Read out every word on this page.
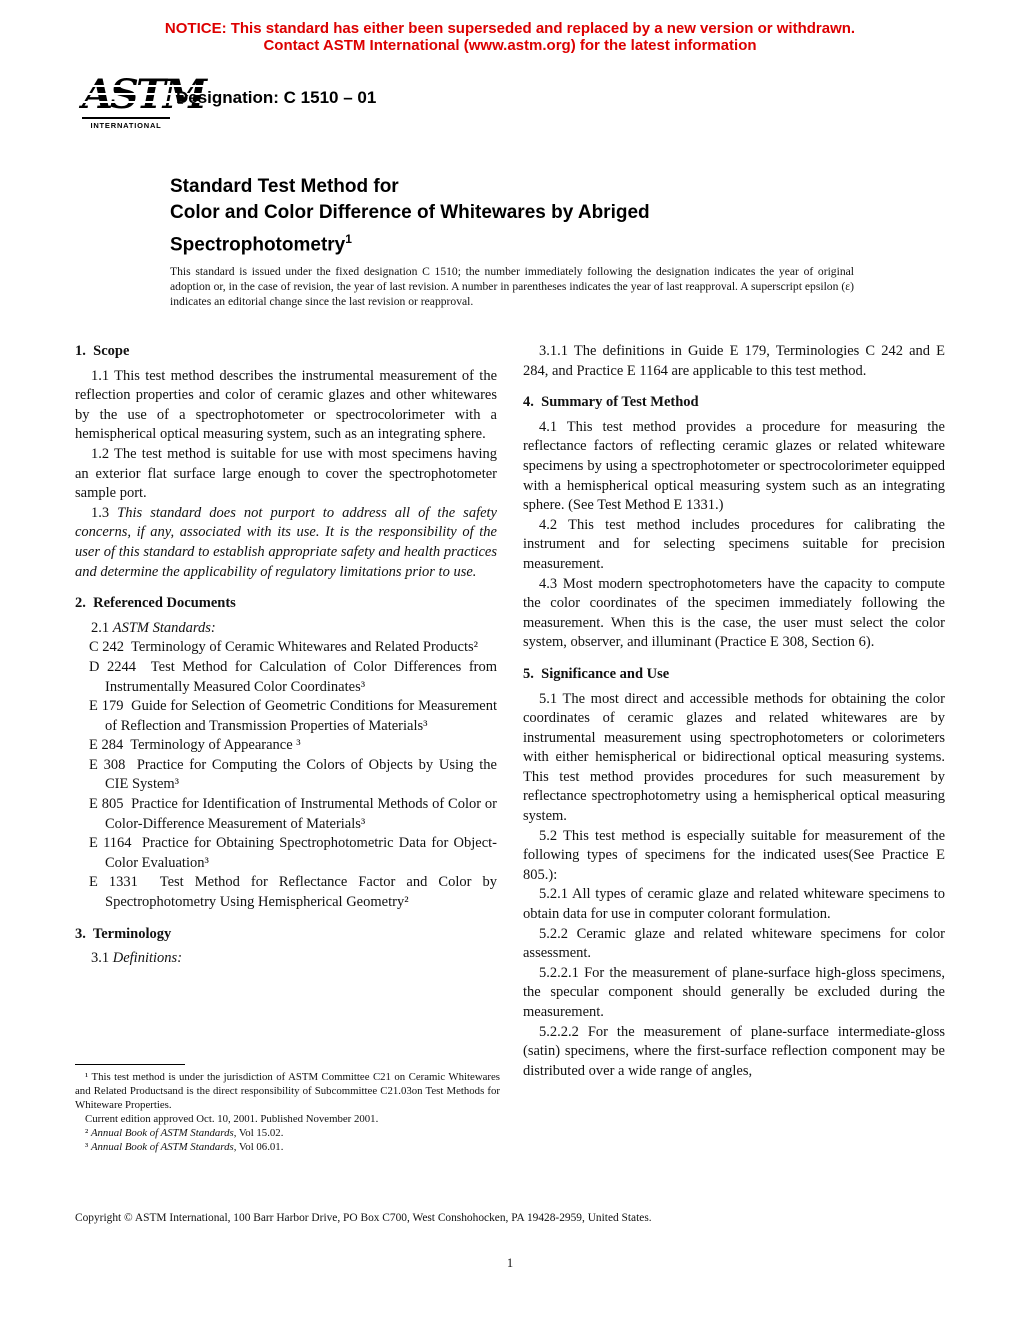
NOTICE: This standard has either been superseded and replaced by a new version or withdrawn.
Contact ASTM International (www.astm.org) for the latest information
INTERNATIONAL
Designation: C 1510 – 01
Standard Test Method for
Color and Color Difference of Whitewares by Abriged
Spectrophotometry$^1$
This standard is issued under the fixed designation C 1510; the number immediately following the designation indicates the year of original adoption or, in the case of revision, the year of last revision. A number in parentheses indicates the year of last reapproval. A superscript epsilon (ε) indicates an editorial change since the last revision or reapproval.
1.  Scope
1.1 This test method describes the instrumental measurement of the reflection properties and color of ceramic glazes and other whitewares by the use of a spectrophotometer or spectrocolorimeter with a hemispherical optical measuring system, such as an integrating sphere.
1.2 The test method is suitable for use with most specimens having an exterior flat surface large enough to cover the spectrophotometer sample port.
1.3 This standard does not purport to address all of the safety concerns, if any, associated with its use. It is the responsibility of the user of this standard to establish appropriate safety and health practices and determine the applicability of regulatory limitations prior to use.
2.  Referenced Documents
2.1 ASTM Standards:
C 242  Terminology of Ceramic Whitewares and Related Products²
D 2244  Test Method for Calculation of Color Differences from Instrumentally Measured Color Coordinates³
E 179  Guide for Selection of Geometric Conditions for Measurement of Reflection and Transmission Properties of Materials³
E 284  Terminology of Appearance ³
E 308  Practice for Computing the Colors of Objects by Using the CIE System³
E 805  Practice for Identification of Instrumental Methods of Color or Color-Difference Measurement of Materials³
E 1164  Practice for Obtaining Spectrophotometric Data for Object-Color Evaluation³
E 1331  Test Method for Reflectance Factor and Color by Spectrophotometry Using Hemispherical Geometry²
3.  Terminology
3.1 Definitions:
3.1.1 The definitions in Guide E 179, Terminologies C 242 and E 284, and Practice E 1164 are applicable to this test method.
4.  Summary of Test Method
4.1 This test method provides a procedure for measuring the reflectance factors of reflecting ceramic glazes or related whiteware specimens by using a spectrophotometer or spectrocolorimeter equipped with a hemispherical optical measuring system such as an integrating sphere. (See Test Method E 1331.)
4.2 This test method includes procedures for calibrating the instrument and for selecting specimens suitable for precision measurement.
4.3 Most modern spectrophotometers have the capacity to compute the color coordinates of the specimen immediately following the measurement. When this is the case, the user must select the color system, observer, and illuminant (Practice E 308, Section 6).
5.  Significance and Use
5.1 The most direct and accessible methods for obtaining the color coordinates of ceramic glazes and related whitewares are by instrumental measurement using spectrophotometers or colorimeters with either hemispherical or bidirectional optical measuring systems. This test method provides procedures for such measurement by reflectance spectrophotometry using a hemispherical optical measuring system.
5.2 This test method is especially suitable for measurement of the following types of specimens for the indicated uses(See Practice E 805.):
5.2.1 All types of ceramic glaze and related whiteware specimens to obtain data for use in computer colorant formulation.
5.2.2 Ceramic glaze and related whiteware specimens for color assessment.
5.2.2.1 For the measurement of plane-surface high-gloss specimens, the specular component should generally be excluded during the measurement.
5.2.2.2 For the measurement of plane-surface intermediate-gloss (satin) specimens, where the first-surface reflection component may be distributed over a wide range of angles,
¹ This test method is under the jurisdiction of ASTM Committee C21 on Ceramic Whitewares and Related Productsand is the direct responsibility of Subcommittee C21.03on Test Methods for Whiteware Properties.
Current edition approved Oct. 10, 2001. Published November 2001.
² Annual Book of ASTM Standards, Vol 15.02.
³ Annual Book of ASTM Standards, Vol 06.01.
Copyright © ASTM International, 100 Barr Harbor Drive, PO Box C700, West Conshohocken, PA 19428-2959, United States.
1
